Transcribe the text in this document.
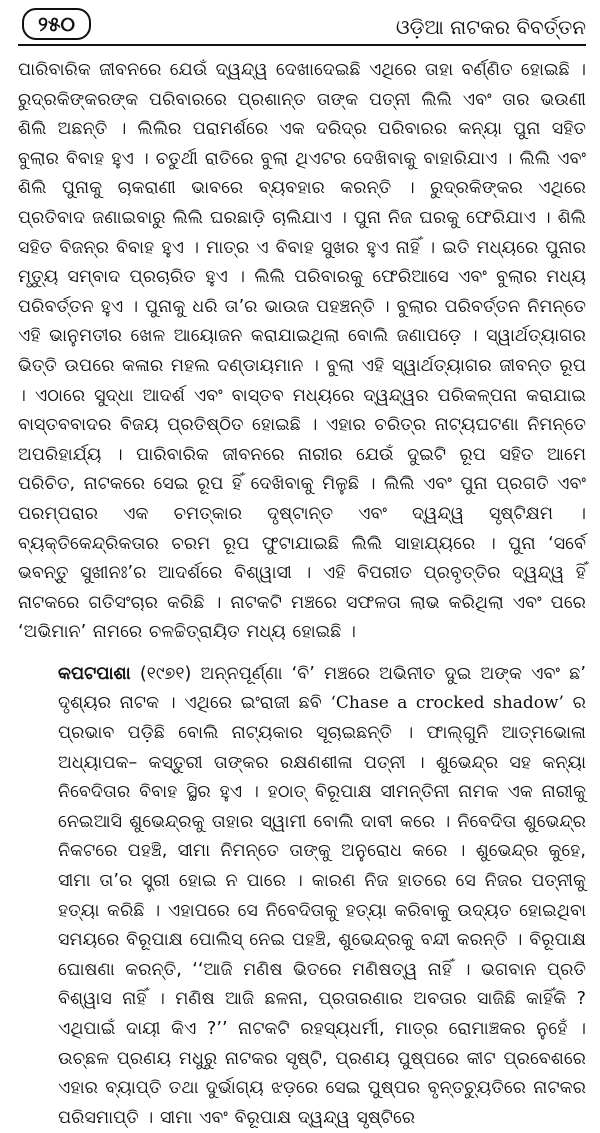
୨୫୦	ଓଡ଼ିଆ ନାଟକର ବିବର୍ତ୍ତନ

ପାରିବାରିକ ଜୀବନରେ ଯେଉଁ ଦ୍ୱନ୍ଦ୍ୱ ଦେଖାଦେଇଛି ଏଥିରେ ତାହା ବର୍ଣ୍ଣିତ ହୋଇଛି । ରୁଦ୍ରକିଙ୍କରଙ୍କ ପରିବାରରେ ପ୍ରଶାନ୍ତ ତାଙ୍କ ପତ୍ନୀ ଲିଲି ଏବଂ ତାର ଭଉଣୀ ଶିଲି ଅଛନ୍ତି । ଲିଲିର ପରାମର୍ଶରେ ଏକ ଦରିଦ୍ର ପରିବାରର କନ୍ୟା ପୁନା ସହିତ ବୁଲାର ବିବାହ ହୁଏ । ଚତୁର୍ଥୀ ରାତିରେ ବୁଲା ଥିଏଟର ଦେଖିବାକୁ ବାହାରିଯାଏ । ଲିଲି ଏବଂ ଶିଲି ପୁନାକୁ ଚାକରାଣୀ ଭାବରେ ବ୍ୟବହାର କରନ୍ତି । ରୁଦ୍ରକିଙ୍କର ଏଥିରେ ପ୍ରତିବାଦ ଜଣାଇବାରୁ ଲିଲି ଘରଛାଡ଼ି ଚାଲିଯାଏ । ପୁନା ନିଜ ଘରକୁ ଫେରିଯାଏ । ଶିଲି ସହିତ ବିଜନ୍‌ର ବିବାହ ହୁଏ । ମାତ୍ର ଏ ବିବାହ ସୁଖର ହୁଏ ନାହିଁ । ଇତି ମଧ୍ୟରେ ପୁନାର ମୃତ୍ୟୁ ସମ୍ବାଦ ପ୍ରଚାରିତ ହୁଏ । ଲିଲି ପରିବାରକୁ ଫେରିଆସେ ଏବଂ ବୁଲାର ମଧ୍ୟ ପରିବର୍ତ୍ତନ ହୁଏ । ପୁନାକୁ ଧରି ତା’ର ଭାଉଜ ପହଞ୍ଚନ୍ତି । ବୁଲାର ପରିବର୍ତ୍ତନ ନିମନ୍ତେ ଏହି ଭାନୁମତୀର ଖେଳ ଆୟୋଜନ କରାଯାଇଥିଲା ବୋଲି ଜଣାପଡ଼େ । ସ୍ୱାର୍ଥତ୍ୟାଗର ଭିତ୍ତି ଉପରେ କଳାର ମହଲ ଦଣ୍ଡାୟମାନ । ବୁଲା ଏହି ସ୍ୱାର୍ଥତ୍ୟାଗର ଜୀବନ୍ତ ରୂପ । ଏଠାରେ ସୁଦ୍ଧା ଆଦର୍ଶ ଏବଂ ବାସ୍ତବ ମଧ୍ୟରେ ଦ୍ୱନ୍ଦ୍ୱର ପରିକଳ୍ପନା କରାଯାଇ ବାସ୍ତବବାଦର ବିଜୟ ପ୍ରତିଷ୍ଠିତ ହୋଇଛି । ଏହାର ଚରିତ୍ର ନାଟ୍ୟଘଟଣା ନିମନ୍ତେ ଅପରିହାର୍ଯ୍ୟ । ପାରିବାରିକ ଜୀବନରେ ନାରୀର ଯେଉଁ ଦୁଇଟି ରୂପ ସହିତ ଆମେ ପରିଚିତ, ନାଟକରେ ସେଇ ରୂପ ହିଁ ଦେଖିବାକୁ ମିଳୁଛି । ଲିଲି ଏବଂ ପୁନା ପ୍ରଗତି ଏବଂ ପରମ୍ପରାର ଏକ ଚମତ୍କାର ଦୃଷ୍ଟାନ୍ତ ଏବଂ ଦ୍ୱନ୍ଦ୍ୱ ସୃଷ୍ଟିକ୍ଷମ । ବ୍ୟକ୍ତିକେନ୍ଦ୍ରିକତାର ଚରମ ରୂପ ଫୁଟାଯାଇଛି ଲିଲି ସାହାଯ୍ୟରେ । ପୁନା ‘ସର୍ବେ ଭବନ୍ତୁ ସୁଖୀନଃ’ର ଆଦର୍ଶରେ ବିଶ୍ୱାସୀ । ଏହି ବିପରୀତ ପ୍ରବୃତ୍ତିର ଦ୍ୱନ୍ଦ୍ୱ ହିଁ ନାଟକରେ ଗତିସଂଚାର କରିଛି । ନାଟକଟି ମଞ୍ଚରେ ସଫଳତା ଲାଭ କରିଥିଲା ଏବଂ ପରେ ‘ଅଭିମାନ’ ନାମରେ ଚଳଚ୍ଚିତ୍ରାୟିତ ମଧ୍ୟ ହୋଇଛି ।

କପଟପାଶା (୧୯୭୧) ଅନ୍ନପୂର୍ଣ୍ଣା ‘ବି’ ମଞ୍ଚରେ ଅଭିନୀତ ଦୁଇ ଅଙ୍କ ଏବଂ ଛ’ ଦୃଶ୍ୟର ନାଟକ । ଏଥିରେ ଇଂରାଜୀ ଛବି ‘Chase a crocked shadow’ ର ପ୍ରଭାବ ପଡ଼ିଛି ବୋଲି ନାଟ୍ୟକାର ସୂଚାଇଛନ୍ତି । ଫାଲ୍‌ଗୁନି ଆତ୍ମଭୋଳା ଅଧ୍ୟାପକ– କସ୍ତୁରୀ ତାଙ୍କର ରକ୍ଷଣଶୀଳା ପତ୍ନୀ । ଶୁଭେନ୍ଦ୍ର ସହ କନ୍ୟା ନିବେଦିତାର ବିବାହ ସ୍ଥିର ହୁଏ । ହଠାତ୍ ବିରୂପାକ୍ଷ ସୀମନ୍ତିନୀ ନାମକ ଏକ ନାରୀକୁ ନେଇଆସି ଶୁଭେନ୍ଦ୍ରକୁ ତାହାର ସ୍ୱାମୀ ବୋଲି ଦାବୀ କରେ । ନିବେଦିତା ଶୁଭେନ୍ଦ୍ର ନିକଟରେ ପହଞ୍ଚି, ସୀମା ନିମନ୍ତେ ତାଙ୍କୁ ଅନୁରୋଧ କରେ । ଶୁଭେନ୍ଦ୍ର କୁହେ, ସୀମା ତା’ର ସ୍ତ୍ରୀ ହୋଇ ନ ପାରେ । କାରଣ ନିଜ ହାତରେ ସେ ନିଜର ପତ୍ନୀକୁ ହତ୍ୟା କରିଛି । ଏହାପରେ ସେ ନିବେଦିତାକୁ ହତ୍ୟା କରିବାକୁ ଉଦ୍ୟତ ହୋଇଥିବା ସମୟରେ ବିରୂପାକ୍ଷ ପୋଲିସ୍ ନେଇ ପହଞ୍ଚି, ଶୁଭେନ୍ଦ୍ରକୁ ବନ୍ଦୀ କରନ୍ତି । ବିରୂପାକ୍ଷ ଘୋଷଣା କରନ୍ତି, ‘‘ଆଜି ମଣିଷ ଭିତରେ ମଣିଷତ୍ୱ ନାହିଁ । ଭଗବାନ ପ୍ରତି ବିଶ୍ୱାସ ନାହିଁ । ମଣିଷ ଆଜି ଛଳନା, ପ୍ରତାରଣାର ଅବତାର ସାଜିଛି କାହିଁକି ? ଏଥିପାଇଁ ଦାୟୀ କିଏ ?’’ ନାଟକଟି ରହସ୍ୟଧର୍ମୀ, ମାତ୍ର ରୋମାଞ୍ଚକର ନୁହେଁ । ଉଚ୍ଛଳ ପ୍ରଣୟ ମଧୁରୁ ନାଟକର ସୃଷ୍ଟି, ପ୍ରଣୟ ପୁଷ୍ପରେ କୀଟ ପ୍ରବେଶରେ ଏହାର ବ୍ୟାପ୍ତି ତଥା ଦୁର୍ଭାଗ୍ୟ ଝଡ଼ରେ ସେଇ ପୁଷ୍ପର ବୃନ୍ତଚ୍ୟୁତିରେ ନାଟକର ପରିସମାପ୍ତି । ସୀମା ଏବଂ ବିରୂପାକ୍ଷ ଦ୍ୱନ୍ଦ୍ୱ ସୃଷ୍ଟିରେ
